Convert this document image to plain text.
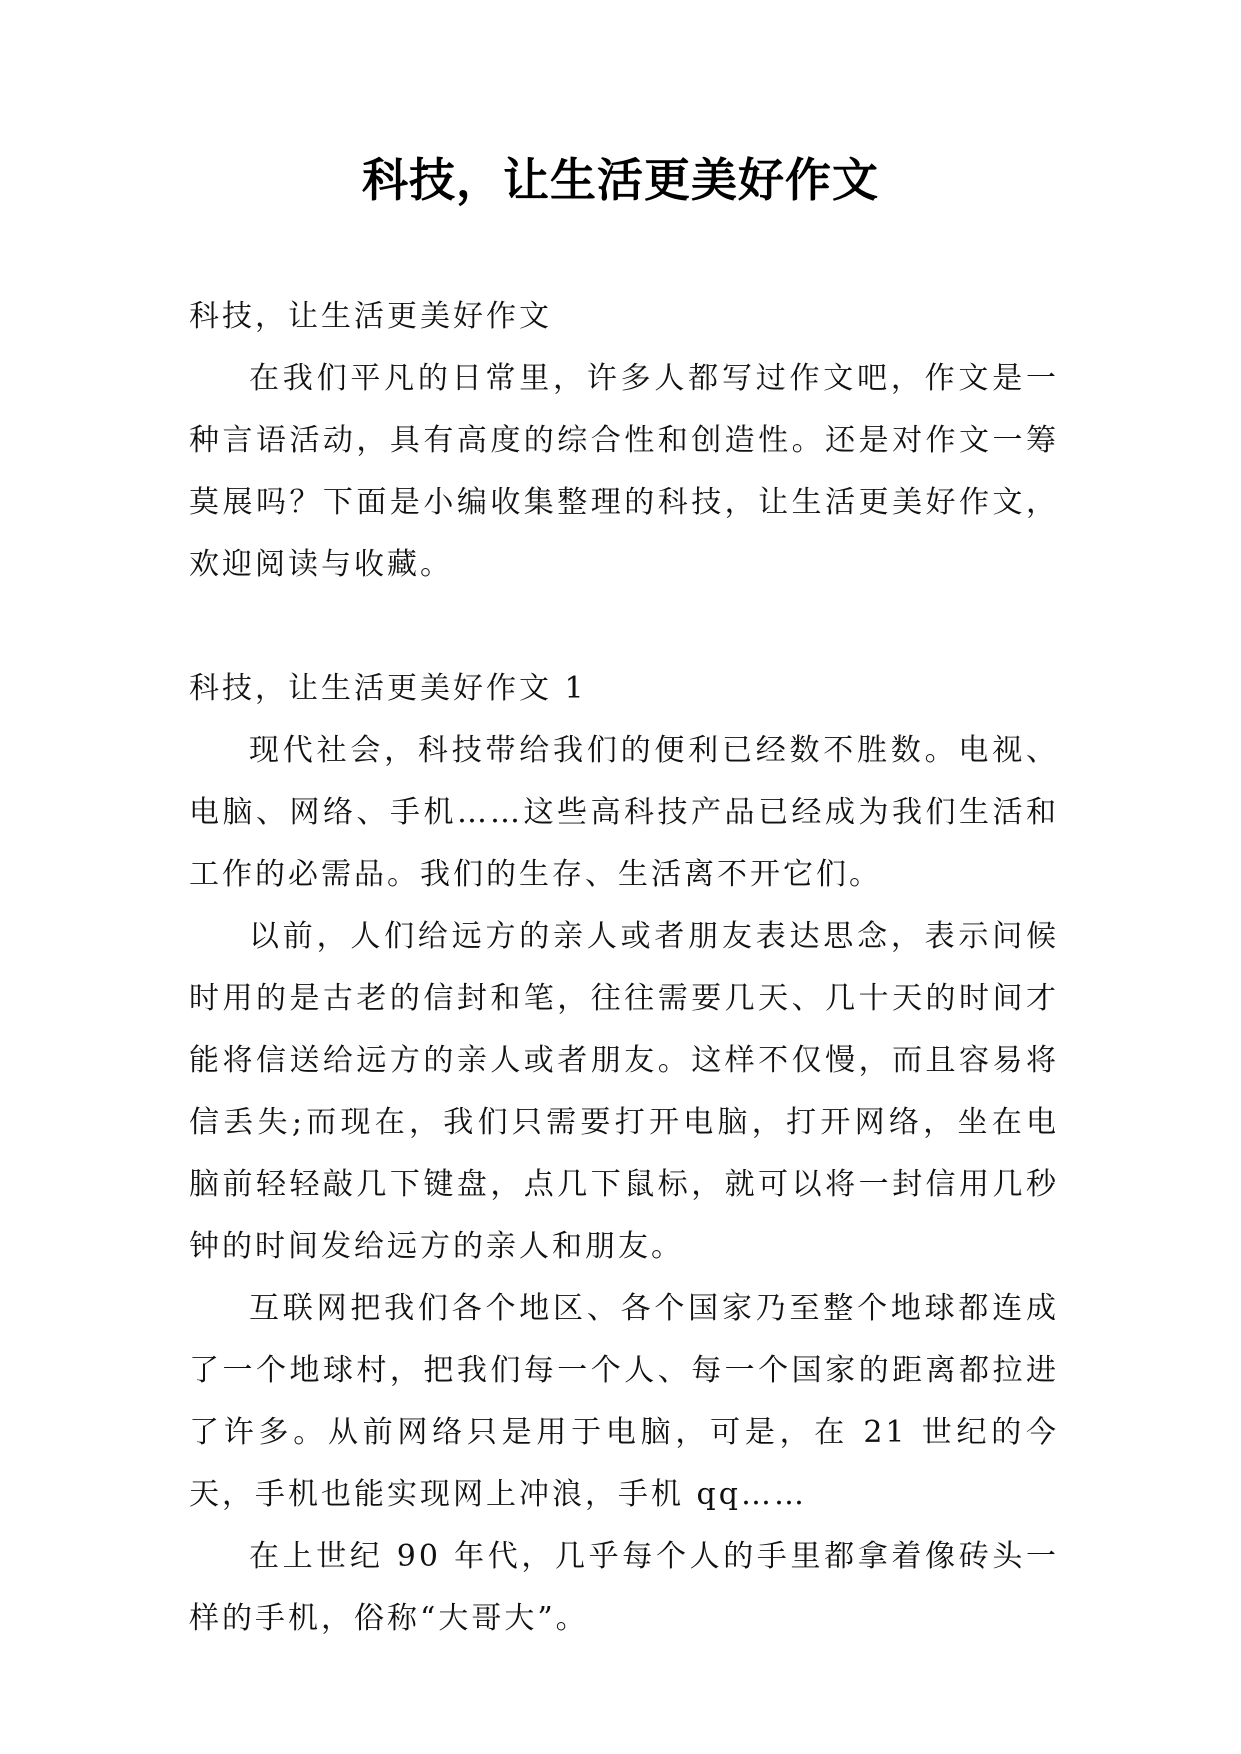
科技，让生活更美好作文

科技，让生活更美好作文

在我们平凡的日常里，许多人都写过作文吧，作文是一种言语活动，具有高度的综合性和创造性。还是对作文一筹莫展吗？下面是小编收集整理的科技，让生活更美好作文，欢迎阅读与收藏。

科技，让生活更美好作文 1

现代社会，科技带给我们的便利已经数不胜数。电视、电脑、网络、手机……这些高科技产品已经成为我们生活和工作的必需品。我们的生存、生活离不开它们。

以前，人们给远方的亲人或者朋友表达思念，表示问候时用的是古老的信封和笔，往往需要几天、几十天的时间才能将信送给远方的亲人或者朋友。这样不仅慢，而且容易将信丢失;而现在，我们只需要打开电脑，打开网络，坐在电脑前轻轻敲几下键盘，点几下鼠标，就可以将一封信用几秒钟的时间发给远方的亲人和朋友。

互联网把我们各个地区、各个国家乃至整个地球都连成了一个地球村，把我们每一个人、每一个国家的距离都拉进了许多。从前网络只是用于电脑，可是，在 21 世纪的今天，手机也能实现网上冲浪，手机 qq……

在上世纪 90 年代，几乎每个人的手里都拿着像砖头一样的手机，俗称“大哥大”。
